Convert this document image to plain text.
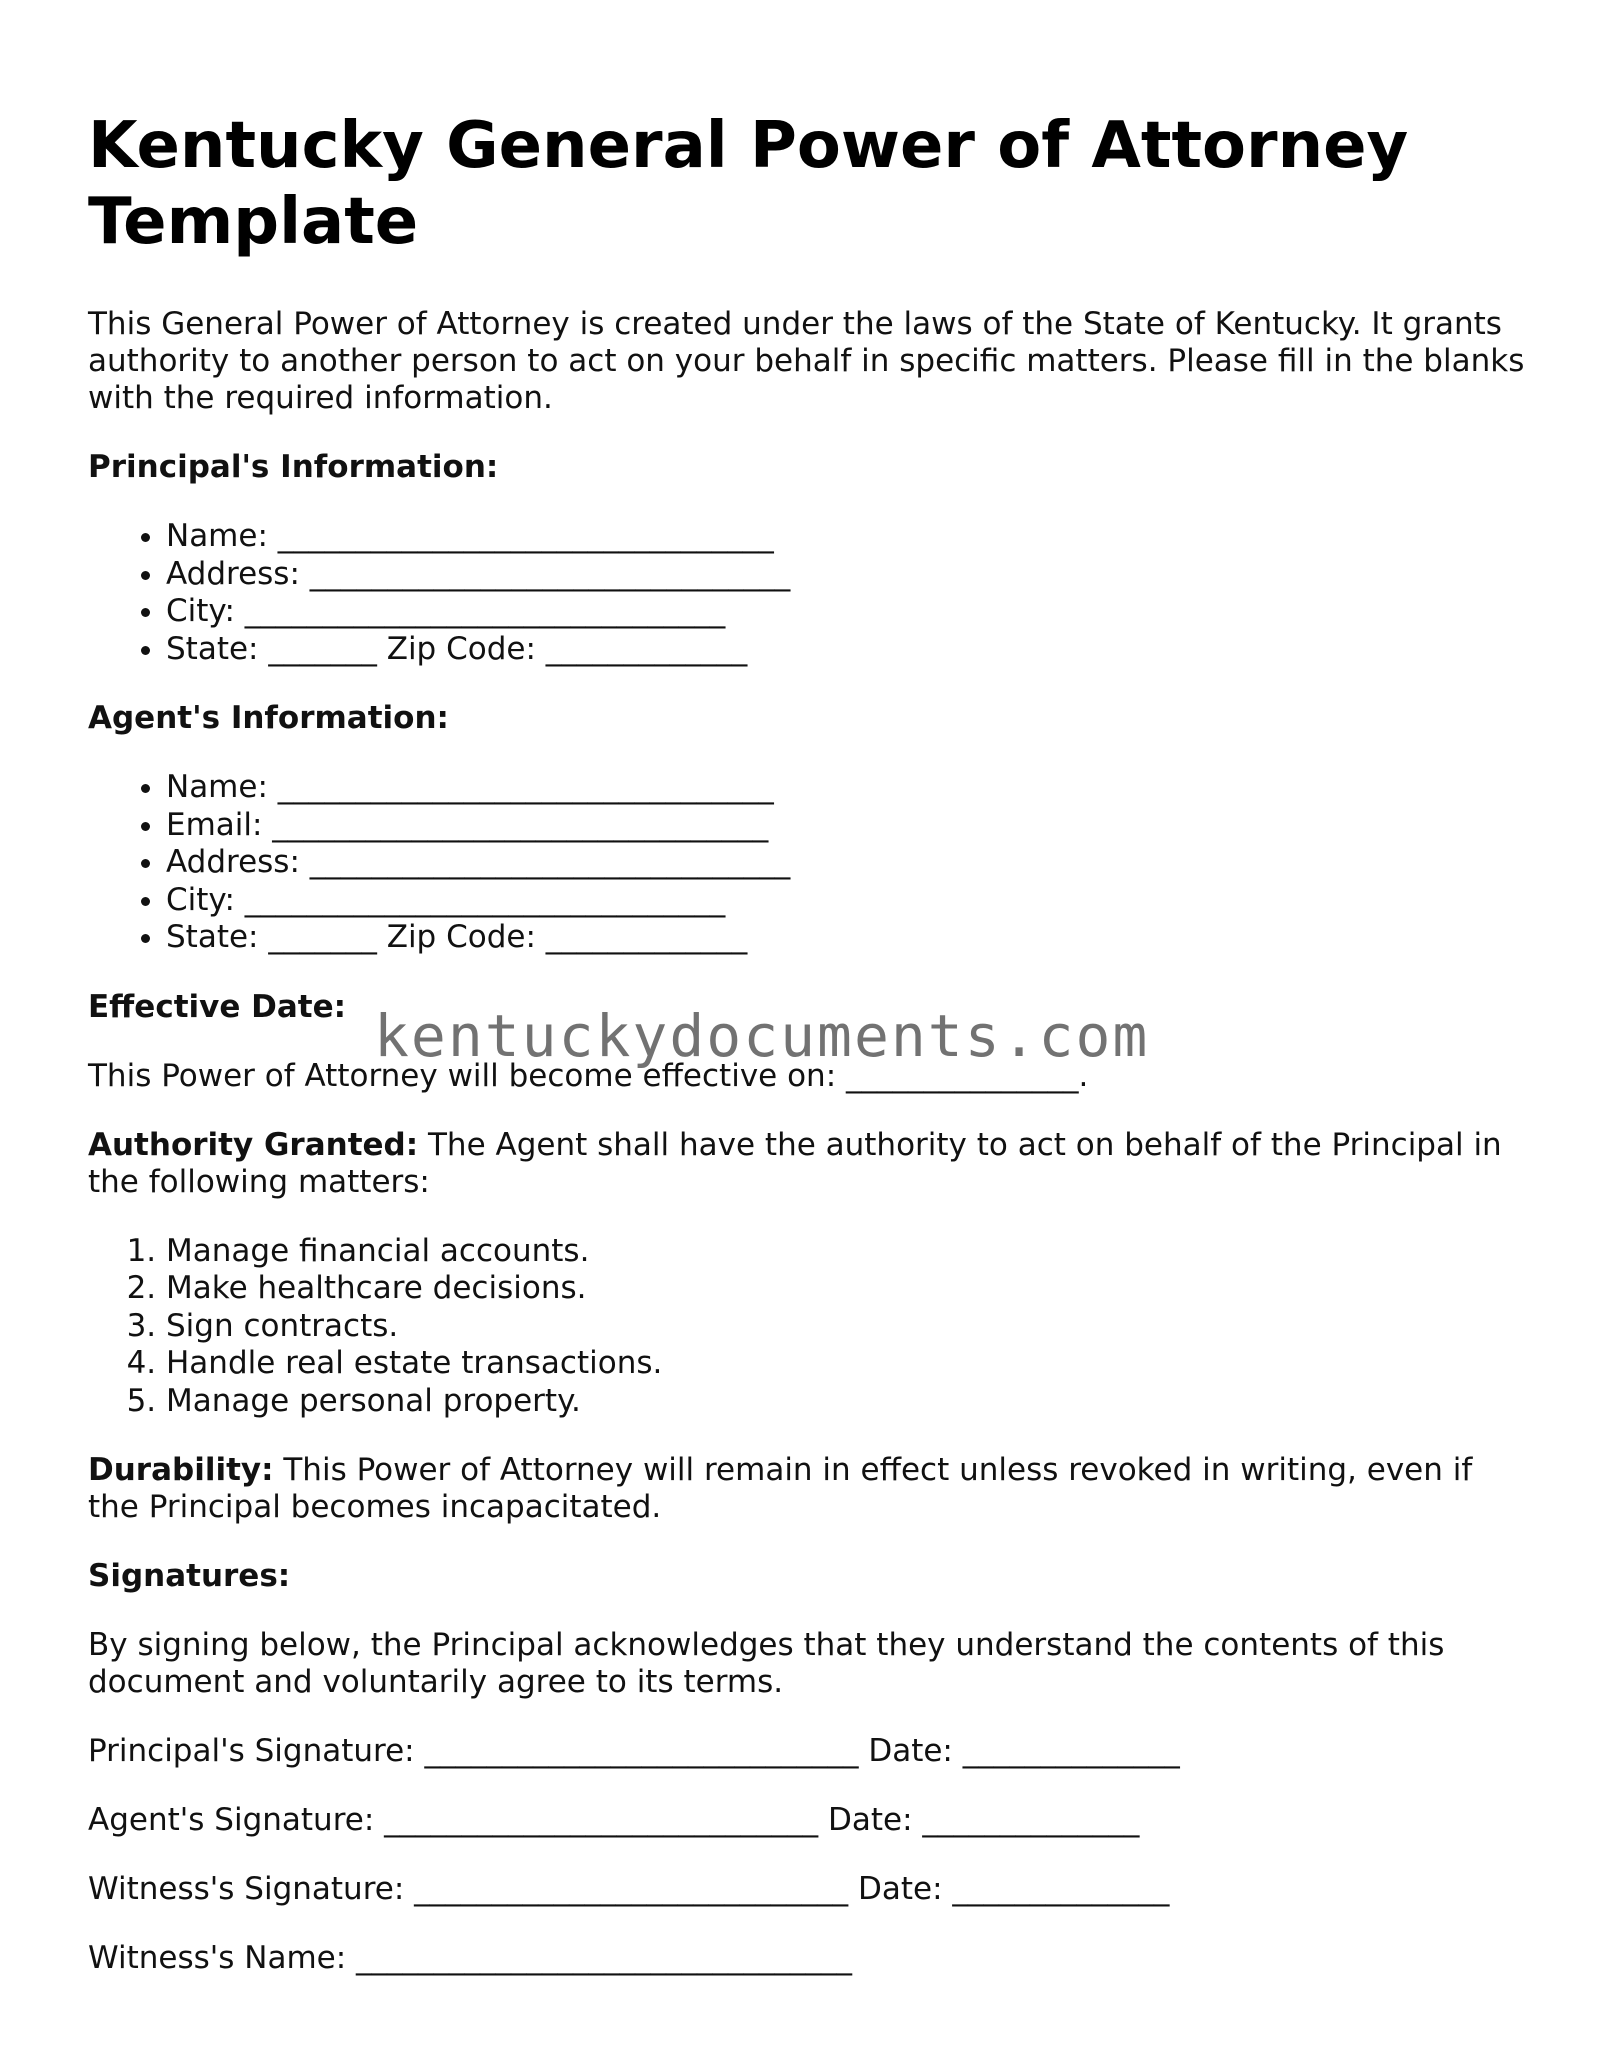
Kentucky General Power of Attorney Template

This General Power of Attorney is created under the laws of the State of Kentucky. It grants authority to another person to act on your behalf in specific matters. Please fill in the blanks with the required information.

Principal's Information:
• Name: ________________________________
• Address: _______________________________
• City: _______________________________
• State: _______ Zip Code: _____________
Agent's Information:
• Name: ________________________________
• Email: ________________________________
• Address: _______________________________
• City: _______________________________
• State: _______ Zip Code: _____________
Effective Date:

This Power of Attorney will become effective on: _______________.

Authority Granted: The Agent shall have the authority to act on behalf of the Principal in the following matters:

1. Manage financial accounts.
2. Make healthcare decisions.
3. Sign contracts.
4. Handle real estate transactions.
5. Manage personal property.

Durability: This Power of Attorney will remain in effect unless revoked in writing, even if the Principal becomes incapacitated.

Signatures:

By signing below, the Principal acknowledges that they understand the contents of this document and voluntarily agree to its terms.

Principal's Signature: ____________________________ Date: ______________
Agent's Signature: ____________________________ Date: ______________
Witness's Signature: ____________________________ Date: ______________
Witness's Name: ________________________________
kentuckydocuments.com
